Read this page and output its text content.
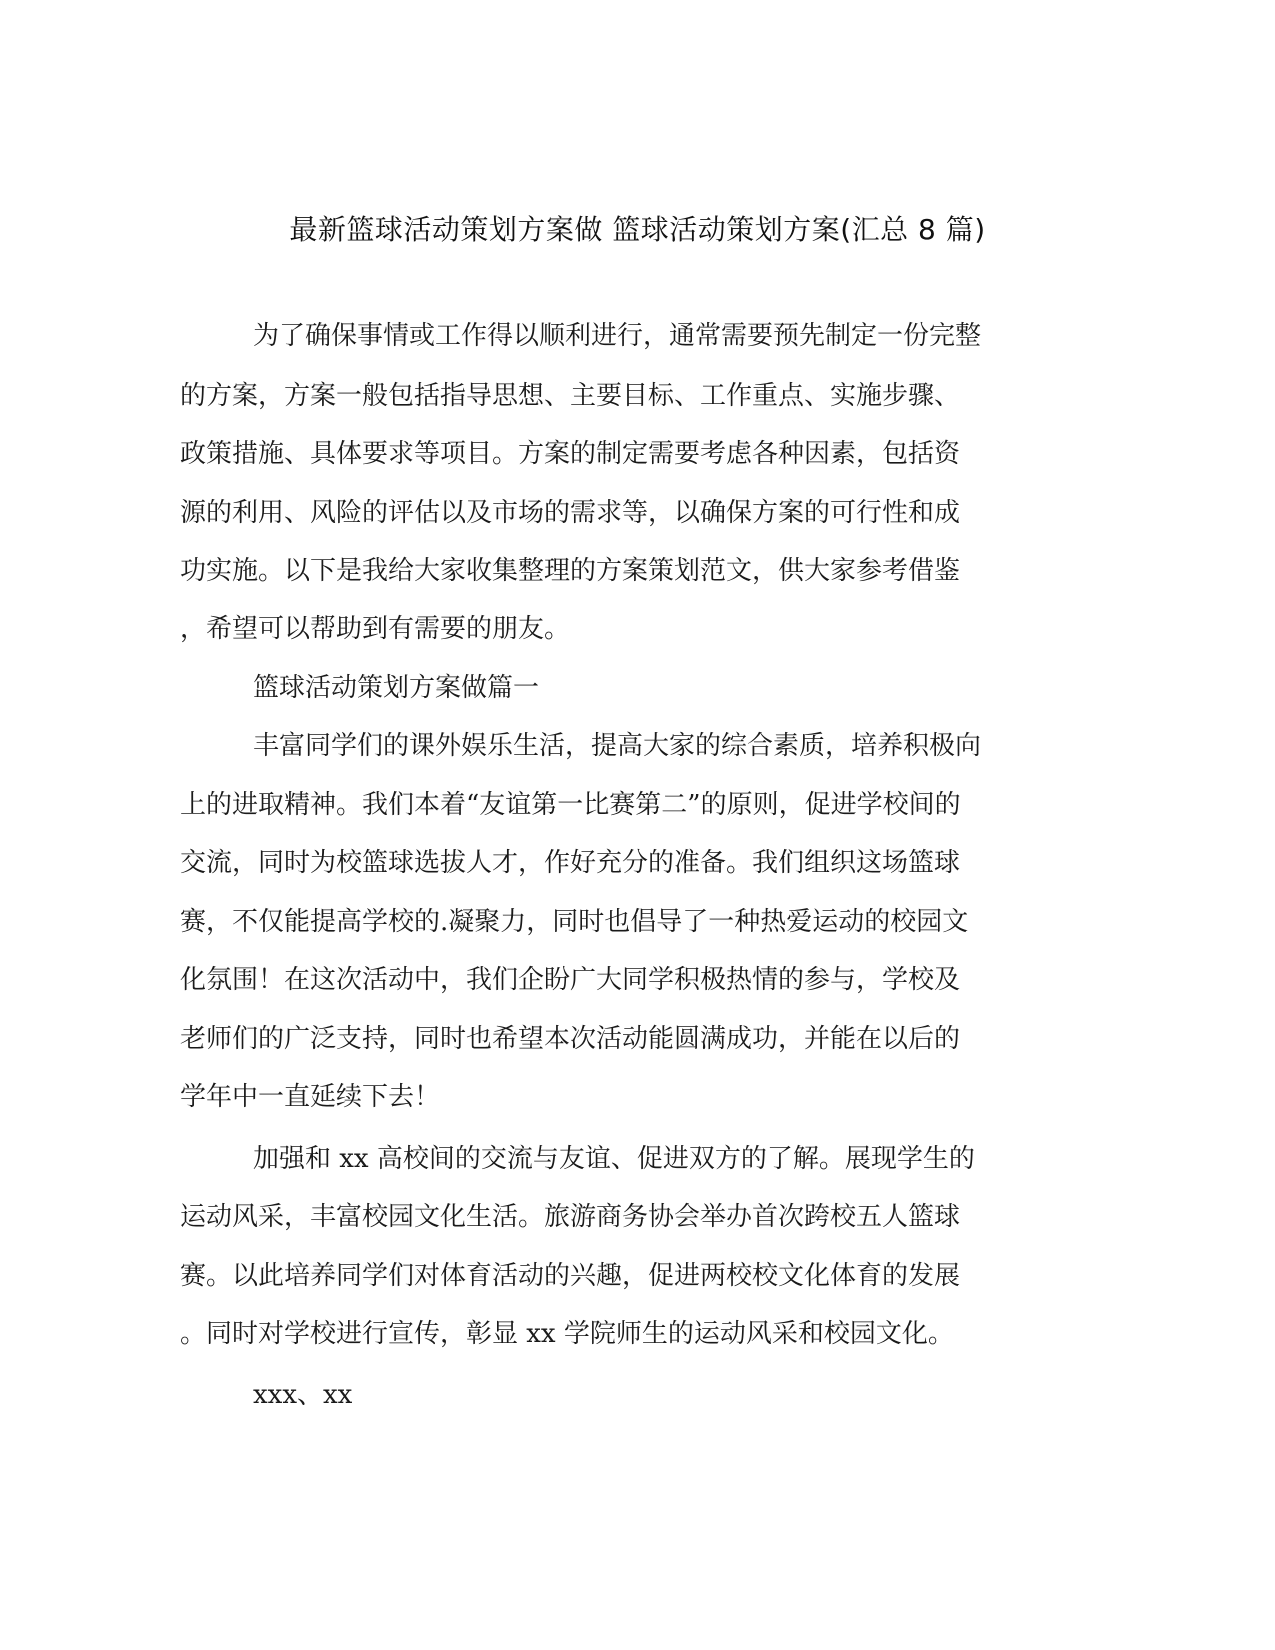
最新篮球活动策划方案做 篮球活动策划方案(汇总 8 篇)

为了确保事情或工作得以顺利进行，通常需要预先制定一份完整

的方案，方案一般包括指导思想、主要目标、工作重点、实施步骤、

政策措施、具体要求等项目。方案的制定需要考虑各种因素，包括资

源的利用、风险的评估以及市场的需求等，以确保方案的可行性和成

功实施。以下是我给大家收集整理的方案策划范文，供大家参考借鉴

，希望可以帮助到有需要的朋友。

篮球活动策划方案做篇一

丰富同学们的课外娱乐生活，提高大家的综合素质，培养积极向

上的进取精神。我们本着“友谊第一比赛第二”的原则，促进学校间的

交流，同时为校篮球选拔人才，作好充分的准备。我们组织这场篮球

赛，不仅能提高学校的.凝聚力，同时也倡导了一种热爱运动的校园文

化氛围！在这次活动中，我们企盼广大同学积极热情的参与，学校及

老师们的广泛支持，同时也希望本次活动能圆满成功，并能在以后的

学年中一直延续下去！

加强和 xx 高校间的交流与友谊、促进双方的了解。展现学生的

运动风采，丰富校园文化生活。旅游商务协会举办首次跨校五人篮球

赛。以此培养同学们对体育活动的兴趣，促进两校校文化体育的发展

。同时对学校进行宣传，彰显 xx 学院师生的运动风采和校园文化。

xxx、xx
